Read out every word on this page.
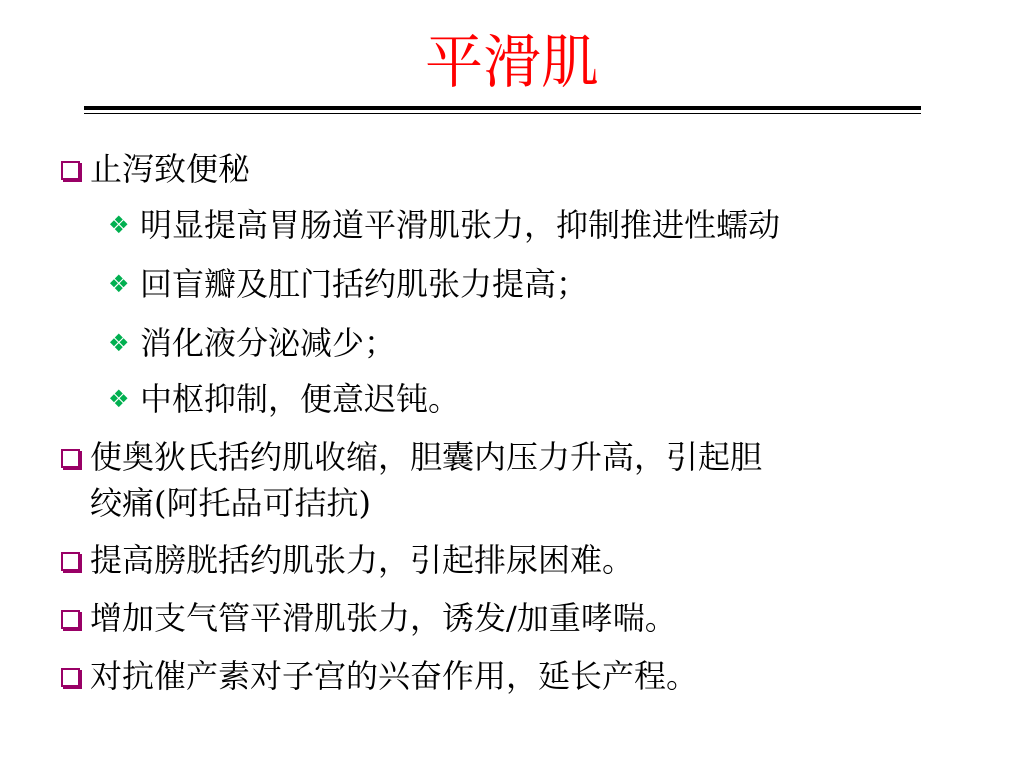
平滑肌
止泻致便秘
❖ 明显提高胃肠道平滑肌张力，抑制推进性蠕动
❖ 回盲瓣及肛门括约肌张力提高；
❖ 消化液分泌减少；
❖ 中枢抑制，便意迟钝。
使奥狄氏括约肌收缩，胆囊内压力升高，引起胆
绞痛(阿托品可拮抗)
提高膀胱括约肌张力，引起排尿困难。
增加支气管平滑肌张力，诱发/加重哮喘。
对抗催产素对子宫的兴奋作用，延长产程。
